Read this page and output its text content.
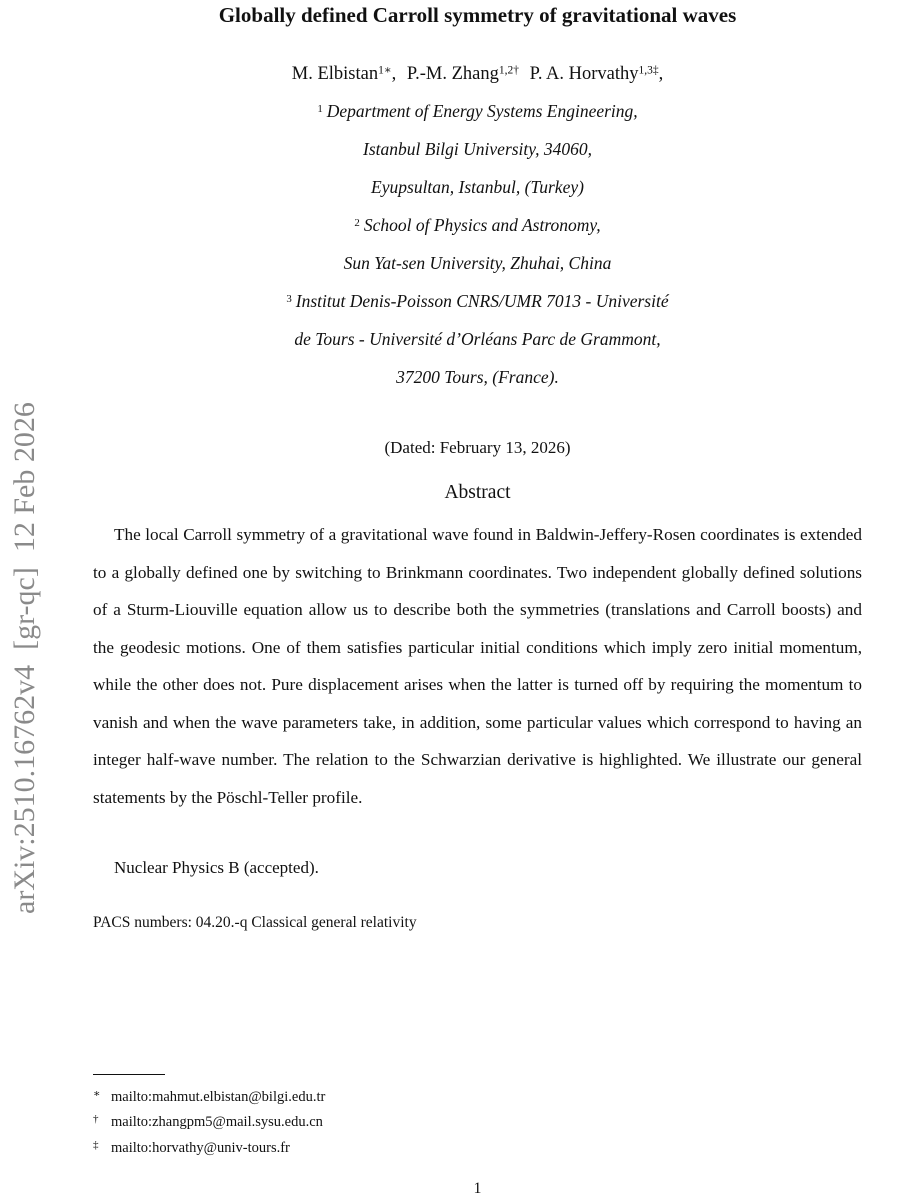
arXiv:2510.16762v4  [gr-qc]  12 Feb 2026
Globally defined Carroll symmetry of gravitational waves
M. Elbistan$^{1∗}$, P.-M. Zhang$^{1,2\dagger}$ P. A. Horvathy$^{1,3\ddagger}$,
$^1$ Department of Energy Systems Engineering,
Istanbul Bilgi University, 34060,
Eyupsultan, Istanbul, (Turkey)
$^2$ School of Physics and Astronomy,
Sun Yat-sen University, Zhuhai, China
$^3$ Institut Denis-Poisson CNRS/UMR 7013 - Université
de Tours - Université d’Orléans Parc de Grammont,
37200 Tours, (France).
(Dated: February 13, 2026)
Abstract

The local Carroll symmetry of a gravitational wave found in Baldwin-Jeffery-Rosen coordinates is extended to a globally defined one by switching to Brinkmann coordinates. Two independent globally defined solutions of a Sturm-Liouville equation allow us to describe both the symmetries (translations and Carroll boosts) and the geodesic motions. One of them satisfies particular initial conditions which imply zero initial momentum, while the other does not. Pure displacement arises when the latter is turned off by requiring the momentum to vanish and when the wave parameters take, in addition, some particular values which correspond to having an integer half-wave number. The relation to the Schwarzian derivative is highlighted. We illustrate our general statements by the Pöschl-Teller profile.

Nuclear Physics B (accepted).
PACS numbers: 04.20.-q Classical general relativity
∗ mailto:mahmut.elbistan@bilgi.edu.tr
† mailto:zhangpm5@mail.sysu.edu.cn
‡ mailto:horvathy@univ-tours.fr
1
